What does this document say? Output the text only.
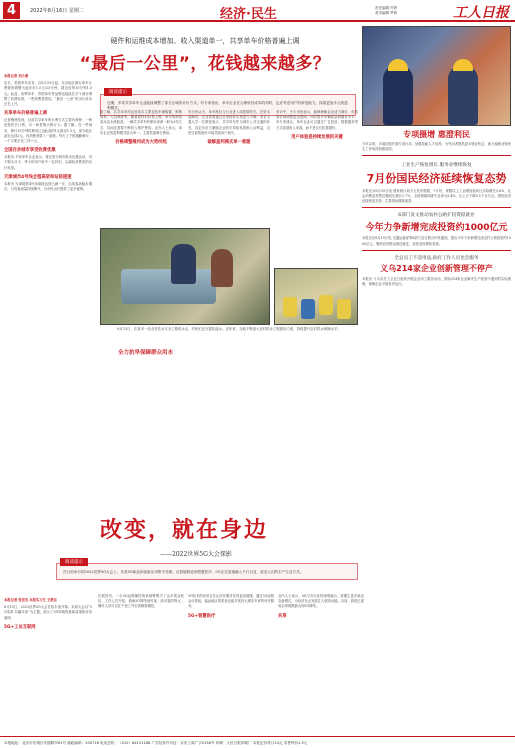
4	2022年8月16日 星期二	经济·民生	责任编辑 许婷
美术编辑 罗莉	工人日报
硬件和运维成本增加、收入渠道单一，共享单车价格普遍上调
“最后一公里”，花钱越来越多？
本报记者 刘小燕
近日，美团单车宣布，自8月19日起，北京地区骑行单车计费规则调整为起步价1.5元/15分钟，超出后每15分钟1.5元。此前，哈啰单车、青桔单车等品牌也陆续在多个城市调整了收费标准，一些消费者感叹，“最后一公里”的出行成本正在上升。
共享单车价格普遍上调
记者梳理发现，目前共享单车的计费方式主要有两种：一种是按时长计费，另一种是购买骑行卡。据了解，在一些城市，骑行15分钟的费用已由此前的1元涨至1.5元，部分地区甚至达到2元。有消费者算了一笔账，每天上下班通勤骑行，一个月要多花三四十元。
全国百余城市享受收费优惠
本报讯 多家单车企业表示，将在部分城市推出优惠活动，对于购买月卡、季卡的用户给予一定折扣，以减轻消费者的出行负担。
天津城市4号线全程高架和站前提速
本报讯 天津地铁4号线南段运营已满一年，沿线客流稳步增长，日均客流量持续攀升，为市民出行提供了更多便利。
近期，多家共享单车企业陆续调整了部分区域的计价方式。有专家指出，单车企业在合理收回成本的同时，也应考虑用户的承受能力，探索更加多元的盈利模式。
阅读提示
据了解，共享单车的运营成本主要包括车辆购置、维修保养、人员调度等。随着原材料价格上涨，单车的制造成本也水涨船高。一辆共享单车的使用寿命一般为3年左右，其间还需要不断投入维护费用。业内人士表示，单车企业的盈利模式较为单一，主要依靠骑行费用。
价格调整缘何成为大势所趋
有分析认为，单车涨价与行业进入成熟期有关。在资本退潮后，企业需要通过自身经营实现盈亏平衡。北京交通大学一位教授表示，共享单车作为城市公共交通的补充，其定价应当兼顾企业的可持续发展和公众利益，过快过高的涨价可能导致用户流失。
破解盈利模式单一难题
采访中，不少市民表示，能够理解企业适当调价，但希望价格调整更加透明，同时提升车辆质量和服务水平。有专家建议，单车企业可以通过广告投放、数据服务等方式拓展收入来源，而不是仅仅依靠提价。
用户体验是持续发展的关键
8月15日，在某市一处农村饮水安全工程供水点，村民们正在排队接水。近年来，当地不断加大农村供水工程建设力度，持续提升农村供水保障水平。
全力抗旱保障群众用水
专项摄增 惠澄利民
今年以来，多地持续开展专项行动，加强技能人才培养，为劳动者提供更多就业机会，助力稳就业保民生工作取得积极成效。
工业生产恢复增长 服务业继续恢复
7月份国民经济延续恢复态势
本报北京8月15日电 国家统计局今天发布数据，7月份，规模以上工业增加值同比实际增长3.8%，社会消费品零售总额同比增长2.7%，全国城镇调查失业率为5.4%，比上月下降0.1个百分点。国民经济延续恢复态势，主要指标继续改善。
6部门发文推动农村公路扩投资稳就业
今年力争新增完成投资约1000亿元
本报北京8月15日电 交通运输部等6部门近日联合印发通知，提出今年力争新增完成农村公路投资约1000亿元，吸纳农民群众就近就业，拓宽农民增收渠道。
全总员工不适用法,政府工作人员也会服务
义乌214家企业创新管理不停产
本报讯 义乌市总工会近日组织开展企业用工服务活动，帮助214家企业解决生产经营中遇到的实际困难，保障企业平稳有序运行。
改变，就在身边
——2022世界5G大会探影
在日前举行的2022世界5G大会上，多款5G新品和创新应用集中亮相。从智能制造到智慧医疗，5G正在加速融入千行百业，改变人们的生产生活方式。
阅读提示
本报记者 张世杰 本报实习生 王艳东
8月10日，2022世界5G大会在哈尔滨开幕。本届大会以“5G变革 共赢未来”为主题，展示了5G领域的最新成果和应用案例。
5G+工业互联网
在展馆内，一台5G远程操控的机械臂吸引了众多观众驻足。工作人员介绍，借助5G网络低时延、高可靠的特点，操作人员可以在千里之外实现精准操控。
5G技术的应用正在让医疗服务变得更加便捷。通过5G远程会诊系统，偏远地区的患者也能享受到大城市专家的诊疗服务。
5G+智慧医疗
业内人士表示，5G与各行业的深度融合，将催生更多新业态新模式，为经济社会发展注入强劲动能。目前，我国已建成全球规模最大的5G网络。
共享
本报地址：北京市东城区安德路甲61号 邮政编码：100718 电话总机：（010）84151188 广告经营许可证：京东工商广字0156号 印刷：人民日报印刷厂 本报定价每月24元 零售每份1.5元
